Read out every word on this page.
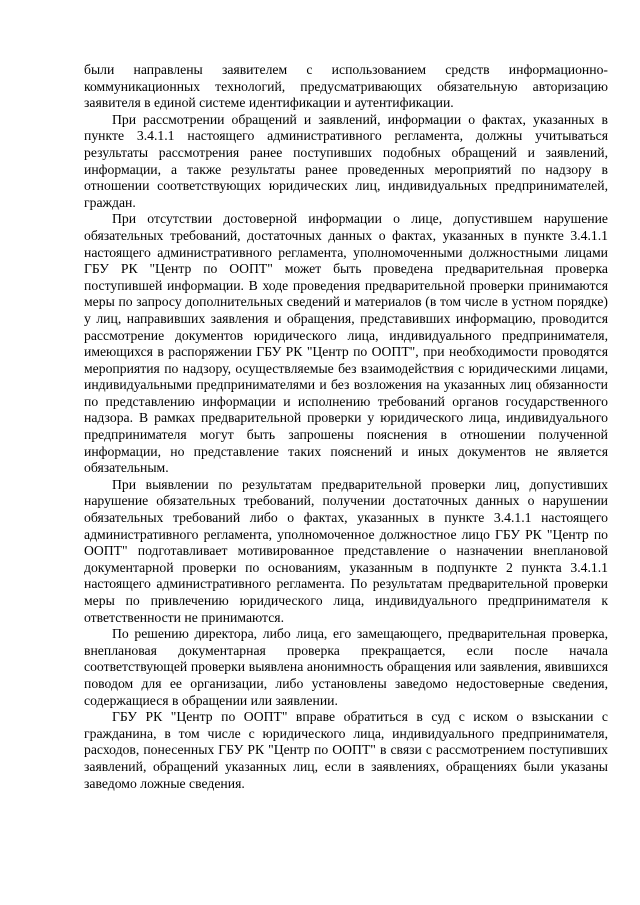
были направлены заявителем с использованием средств информационно-коммуникационных технологий, предусматривающих обязательную авторизацию заявителя в единой системе идентификации и аутентификации.

При рассмотрении обращений и заявлений, информации о фактах, указанных в пункте 3.4.1.1 настоящего административного регламента, должны учитываться результаты рассмотрения ранее поступивших подобных обращений и заявлений, информации, а также результаты ранее проведенных мероприятий по надзору в отношении соответствующих юридических лиц, индивидуальных предпринимателей, граждан.

При отсутствии достоверной информации о лице, допустившем нарушение обязательных требований, достаточных данных о фактах, указанных в пункте 3.4.1.1 настоящего административного регламента, уполномоченными должностными лицами ГБУ РК "Центр по ООПТ" может быть проведена предварительная проверка поступившей информации. В ходе проведения предварительной проверки принимаются меры по запросу дополнительных сведений и материалов (в том числе в устном порядке) у лиц, направивших заявления и обращения, представивших информацию, проводится рассмотрение документов юридического лица, индивидуального предпринимателя, имеющихся в распоряжении ГБУ РК "Центр по ООПТ", при необходимости проводятся мероприятия по надзору, осуществляемые без взаимодействия с юридическими лицами, индивидуальными предпринимателями и без возложения на указанных лиц обязанности по представлению информации и исполнению требований органов государственного надзора. В рамках предварительной проверки у юридического лица, индивидуального предпринимателя могут быть запрошены пояснения в отношении полученной информации, но представление таких пояснений и иных документов не является обязательным.

При выявлении по результатам предварительной проверки лиц, допустивших нарушение обязательных требований, получении достаточных данных о нарушении обязательных требований либо о фактах, указанных в пункте 3.4.1.1 настоящего административного регламента, уполномоченное должностное лицо ГБУ РК "Центр по ООПТ" подготавливает мотивированное представление о назначении внеплановой документарной проверки по основаниям, указанным в подпункте 2 пункта 3.4.1.1 настоящего административного регламента. По результатам предварительной проверки меры по привлечению юридического лица, индивидуального предпринимателя к ответственности не принимаются.

По решению директора, либо лица, его замещающего, предварительная проверка, внеплановая документарная проверка прекращается, если после начала соответствующей проверки выявлена анонимность обращения или заявления, явившихся поводом для ее организации, либо установлены заведомо недостоверные сведения, содержащиеся в обращении или заявлении.

ГБУ РК "Центр по ООПТ" вправе обратиться в суд с иском о взыскании с гражданина, в том числе с юридического лица, индивидуального предпринимателя, расходов, понесенных ГБУ РК "Центр по ООПТ" в связи с рассмотрением поступивших заявлений, обращений указанных лиц, если в заявлениях, обращениях были указаны заведомо ложные сведения.
